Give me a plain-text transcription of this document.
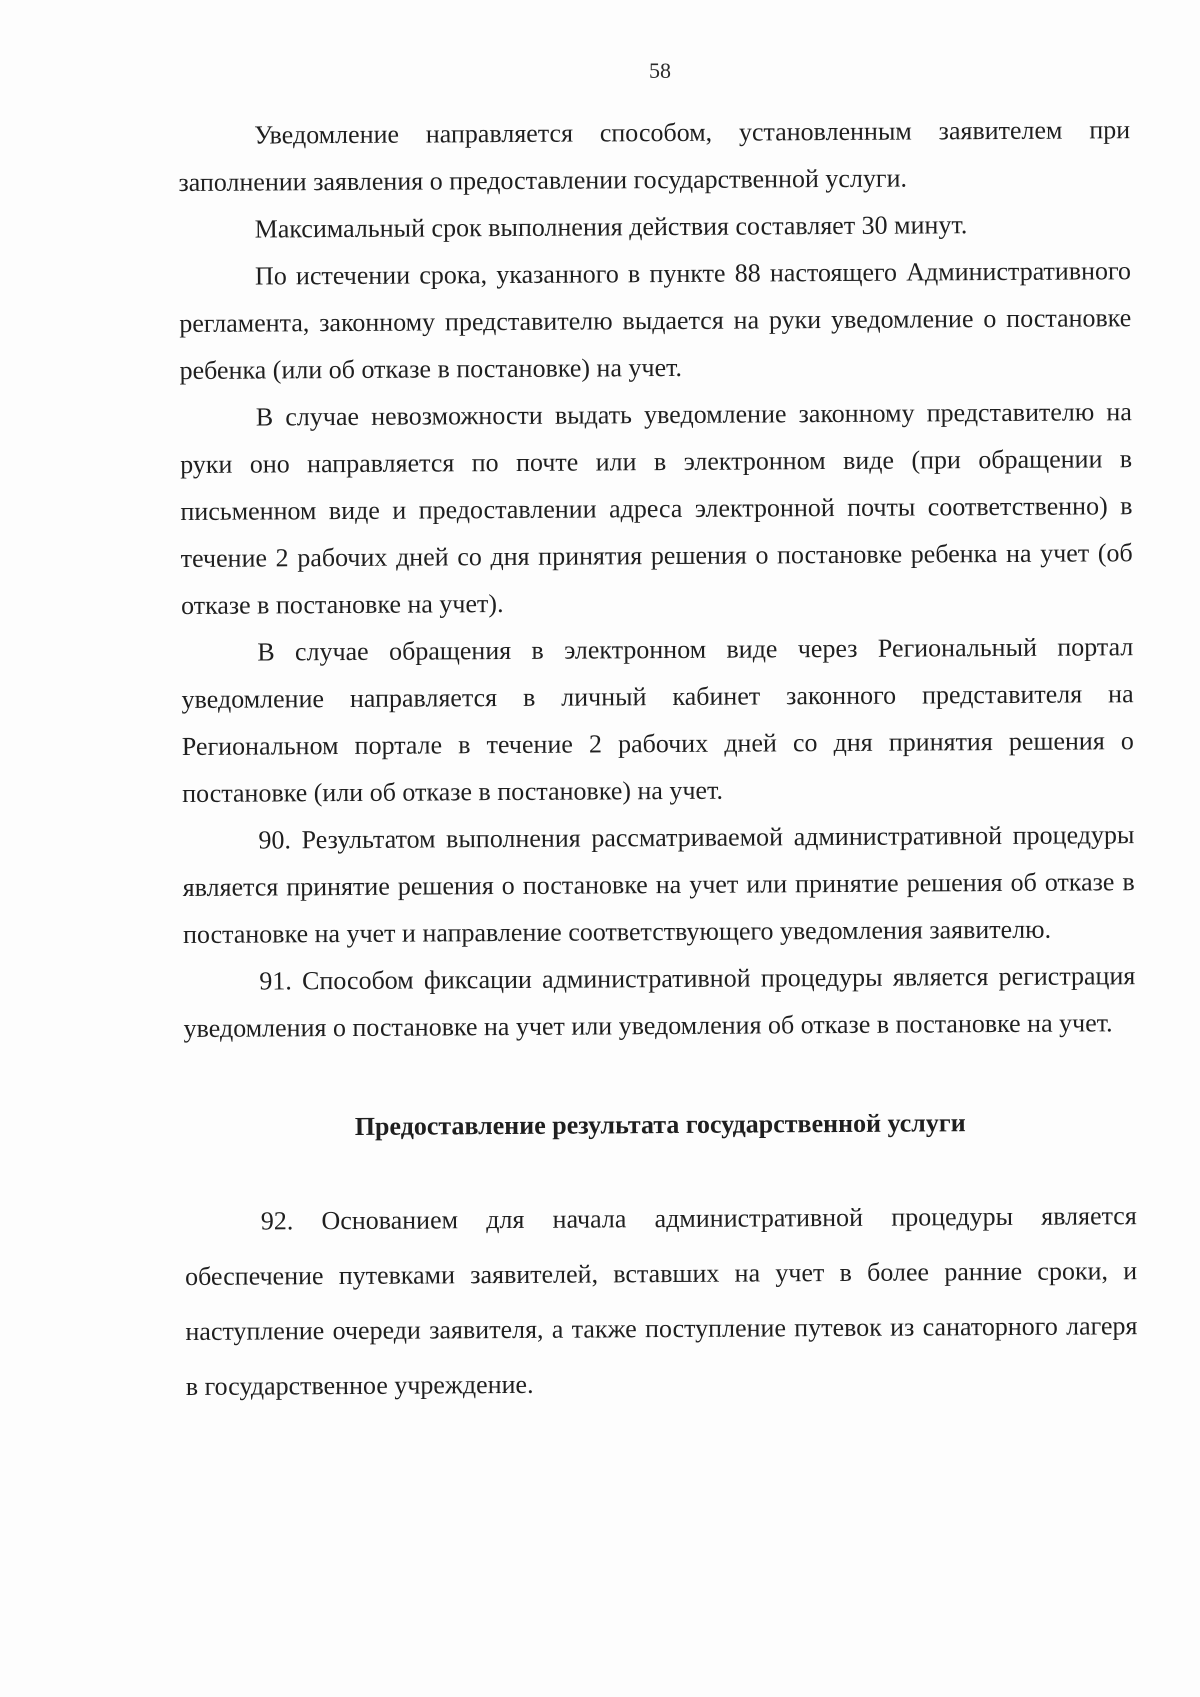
58

Уведомление направляется способом, установленным заявителем при заполнении заявления о предоставлении государственной услуги.

Максимальный срок выполнения действия составляет 30 минут.

По истечении срока, указанного в пункте 88 настоящего Административного регламента, законному представителю выдается на руки уведомление о постановке ребенка (или об отказе в постановке) на учет.

В случае невозможности выдать уведомление законному представителю на руки оно направляется по почте или в электронном виде (при обращении в письменном виде и предоставлении адреса электронной почты соответственно) в течение 2 рабочих дней со дня принятия решения о постановке ребенка на учет (об отказе в постановке на учет).

В случае обращения в электронном виде через Региональный портал уведомление направляется в личный кабинет законного представителя на Региональном портале в течение 2 рабочих дней со дня принятия решения о постановке (или об отказе в постановке) на учет.

90. Результатом выполнения рассматриваемой административной процедуры является принятие решения о постановке на учет или принятие решения об отказе в постановке на учет и направление соответствующего уведомления заявителю.

91. Способом фиксации административной процедуры является регистрация уведомления о постановке на учет или уведомления об отказе в постановке на учет.

Предоставление результата государственной услуги

92. Основанием для начала административной процедуры является обеспечение путевками заявителей, вставших на учет в более ранние сроки, и наступление очереди заявителя, а также поступление путевок из санаторного лагеря в государственное учреждение.
